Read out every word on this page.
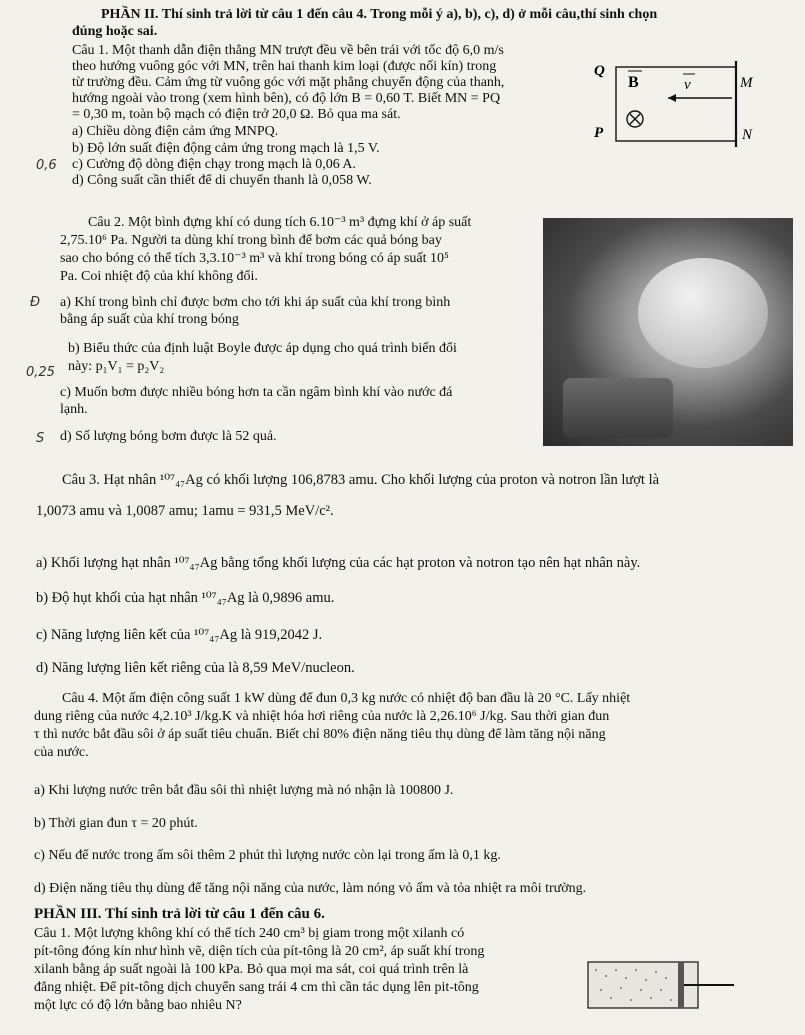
PHẦN II. Thí sinh trả lời từ câu 1 đến câu 4. Trong mỗi ý a), b), c), d) ở mỗi câu,thí sinh chọn
đúng hoặc sai.
Câu 1. Một thanh dẫn điện thẳng MN trượt đều về bên trái với tốc độ 6,0 m/s
theo hướng vuông góc với MN, trên hai thanh kim loại (được nối kín) trong
từ trường đều. Cảm ứng từ vuông góc với mặt phẳng chuyển động của thanh,
hướng ngoài vào trong (xem hình bên), có độ lớn B = 0,60 T. Biết MN = PQ
= 0,30 m, toàn bộ mạch có điện trở 20,0 Ω. Bỏ qua ma sát.
a) Chiều dòng điện cảm ứng MNPQ.
b) Độ lớn suất điện động cảm ứng trong mạch là 1,5 V.
0,6 c) Cường độ dòng điện chạy trong mạch là 0,06 A.
d) Công suất cần thiết để di chuyển thanh là 0,058 W.
Q
P
M
N
B	v
Câu 2. Một bình đựng khí có dung tích 6.10⁻³ m³ đựng khí ở áp suất
2,75.10⁶ Pa. Người ta dùng khí trong bình để bơm các quả bóng bay
sao cho bóng có thể tích 3,3.10⁻³ m³ và khí trong bóng có áp suất 10⁵
Pa. Coi nhiệt độ của khí không đổi.
Đ a) Khí trong bình chỉ được bơm cho tới khi áp suất của khí trong bình
bằng áp suất của khí trong bóng
b) Biểu thức của định luật Boyle được áp dụng cho quá trình biến đổi
0,25 này: p₁V₁ = p₂V₂
c) Muốn bơm được nhiều bóng hơn ta cần ngâm bình khí vào nước đá
lạnh.
S d) Số lượng bóng bơm được là 52 quả.
Câu 3. Hạt nhân ¹⁰⁷₄₇Ag có khối lượng 106,8783 amu. Cho khối lượng của proton và notron lần lượt là
1,0073 amu và 1,0087 amu; 1amu = 931,5 MeV/c².
a) Khối lượng hạt nhân ¹⁰⁷₄₇Ag bằng tổng khối lượng của các hạt proton và notron tạo nên hạt nhân này.
b) Độ hụt khối của hạt nhân ¹⁰⁷₄₇Ag là 0,9896 amu.
c) Năng lượng liên kết của ¹⁰⁷₄₇Ag là 919,2042 J.
d) Năng lượng liên kết riêng của là 8,59 MeV/nucleon.
Câu 4. Một ấm điện công suất 1 kW dùng để đun 0,3 kg nước có nhiệt độ ban đầu là 20 °C. Lấy nhiệt
dung riêng của nước 4,2.10³ J/kg.K và nhiệt hóa hơi riêng của nước là 2,26.10⁶ J/kg. Sau thời gian đun
τ thì nước bắt đầu sôi ở áp suất tiêu chuẩn. Biết chỉ 80% điện năng tiêu thụ dùng để làm tăng nội năng
của nước.
a) Khi lượng nước trên bắt đầu sôi thì nhiệt lượng mà nó nhận là 100800 J.
b) Thời gian đun τ = 20 phút.
c) Nếu để nước trong ấm sôi thêm 2 phút thì lượng nước còn lại trong ấm là 0,1 kg.
d) Điện năng tiêu thụ dùng để tăng nội năng của nước, làm nóng vỏ ấm và tỏa nhiệt ra môi trường.
PHẦN III. Thí sinh trả lời từ câu 1 đến câu 6.
Câu 1. Một lượng không khí có thể tích 240 cm³ bị giam trong một xilanh có
pít-tông đóng kín như hình vẽ, diện tích của pít-tông là 20 cm², áp suất khí trong
xilanh bằng áp suất ngoài là 100 kPa. Bỏ qua mọi ma sát, coi quá trình trên là
đẳng nhiệt. Để pit-tông dịch chuyển sang trái 4 cm thì cần tác dụng lên pit-tông
một lực có độ lớn bằng bao nhiêu N?
